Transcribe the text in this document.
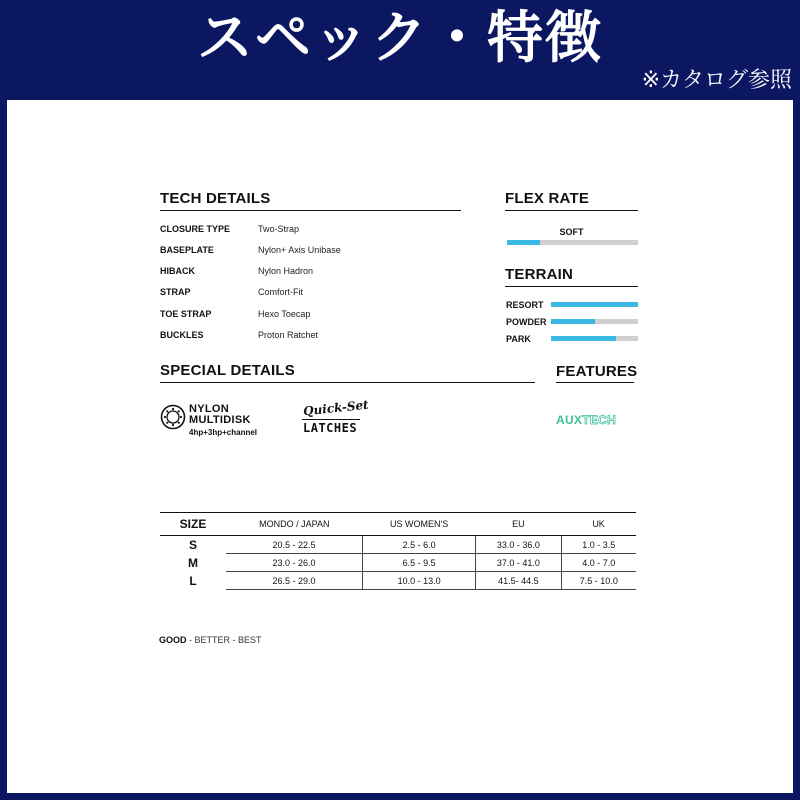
スペック・特徴
※カタログ参照
TECH DETAILS
CLOSURE TYPE	Two-Strap
BASEPLATE	Nylon+ Axis Unibase
HIBACK	Nylon Hadron
STRAP	Comfort-Fit
TOE STRAP	Hexo Toecap
BUCKLES	Proton Ratchet
FLEX RATE
SOFT
TERRAIN
RESORT
POWDER
PARK
SPECIAL DETAILS
NYLON
MULTIDISK
4hp+3hp+channel
Quick-Set
LATCHES
FEATURES
AUXTECH
SIZE	MONDO / JAPAN	US WOMEN'S	EU	UK
S	20.5 - 22.5	2.5 - 6.0	33.0 - 36.0	1.0 - 3.5
M	23.0 - 26.0	6.5 - 9.5	37.0 - 41.0	4.0 - 7.0
L	26.5 - 29.0	10.0 - 13.0	41.5- 44.5	7.5 - 10.0
GOOD - BETTER - BEST
